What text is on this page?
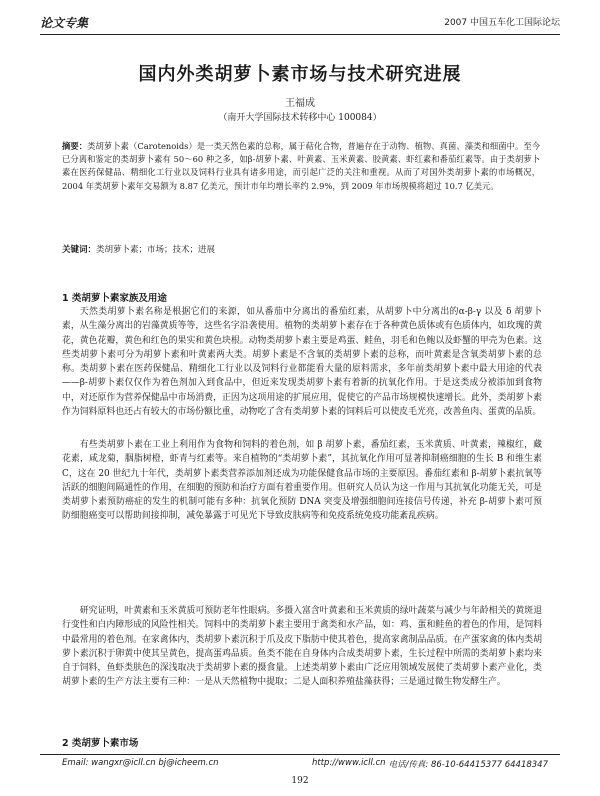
论文专集	2007 中国五车化工国际论坛
国内外类胡萝卜素市场与技术研究进展
王福成
（南开大学国际技术转移中心 100084）
摘要：类胡萝卜素（Carotenoids）是一类天然色素的总称，属于萜化合物，普遍存在于动物、植物、真菌、藻类和细菌中。至今已分离和鉴定的类胡萝卜素有 50～60 种之多，如β-胡萝卜素、叶黄素、玉米黄素、胶黄素、虾红素和番茄红素等。由于类胡萝卜素在医药保健品、精细化工行业以及饲料行业具有诸多用途，而引起广泛的关注和重视。从而了对国外类胡萝卜素的市场概况，2004 年类胡萝卜素年交易额为 8.87 亿美元，预计市年均增长率约 2.9%，到 2009 年市场规模将超过 10.7 亿美元。
关键词：类胡萝卜素；市场；技术；进展
1 类胡萝卜素家族及用途
天然类胡萝卜素名称是根据它们的来源，如从番茄中分离出的番茄红素，从胡萝卜中分离出的α-β-γ 以及 δ 胡萝卜素，从生藻分离出的岩藻黄质等等，这些名字沿袭使用。植物的类胡萝卜素存在于各种黄色质体或有色质体内，如玫瑰的黄花，黄色花瓣，黄色和红色的果实和黄色块根。动物类胡萝卜素主要是鸡蛋、鲑鱼，羽毛和色鲍以及虾蟹的甲壳为色素。这些类胡萝卜素可分为胡萝卜素和叶黄素两大类。胡萝卜素是不含氧的类胡萝卜素的总称，而叶黄素是含氧类胡萝卜素的总称。类胡萝卜素在医药保健品、精细化工行业以及饲料行业都能看大量的原料需求，多年前类胡萝卜素中最大用途的代表——β-胡萝卜素仅仅作为着色剂加入到食品中，但近来发现类胡萝卜素有着新的抗氧化作用。于是这类成分被添加到食物中，对还原作为营养保健品中市场消费，正因为这项用途的扩展应用，促使它的产品市场规模快速增长。此外，类胡萝卜素作为饲料原料也还占有较大的市场份额比重，动物吃了含有类胡萝卜素的饲料后可以使皮毛光亮，改善鱼肉、蛋黄的品质。
有些类胡萝卜素在工业上利用作为食物和饲料的着色剂，如 β 胡萝卜素，番茄红素，玉米黄质、叶黄素，辣椒红，藏花素，咸龙菊，胭脂树橙，虾青与红素等。来自植物的“类胡萝卜素”，其抗氧化作用可显著抑制癌细胞的生长 B 和维生素 C，这在 20 世纪九十年代，类胡萝卜素类营养添加剂还成为功能保健食品市场的主要原因。番茄红素和 β-胡萝卜素抗氧等活跃的细胞间隔通性的作用，在细胞的预防和治疗方面有着重要作用。但研究人员认为这一作用与其抗氧化功能无关，可是类胡萝卜素预防癌症的发生的机制可能有多种：抗氧化预防 DNA 突变及增强细胞间连接信号传递，补充 β-胡萝卜素可预防细胞癌变可以帮助间接抑制，减免暴露于可见光下导致皮肤病等和免疫系统免疫功能紊乱疾病。
研究证明，叶黄素和玉米黄质可预防老年性眼病。多摄入富含叶黄素和玉米黄质的绿叶蔬菜与减少与年龄相关的黄斑退行变性和白内障形成的风险性相关。饲料中的类胡萝卜素主要用于禽类和水产品，如：鸡、蛋和鲑鱼的着色的作用，是饲料中最常用的着色剂。在家禽体内，类胡萝卜素沉积于爪及皮下脂肪中使其着色，提高家禽制品品质。在产蛋家禽的体内类胡萝卜素沉积于卵黄中使其呈黄色，提高蛋鸡品质。鱼类不能在自身体内合成类胡萝卜素，生长过程中所需的类胡萝卜素均来自于饲料，鱼虾类肤色的深浅取决于类胡萝卜素的摄食量。上述类胡萝卜素由广泛应用领域发展使了类胡萝卜素产业化，类胡萝卜素的生产方法主要有三种：一是从天然植物中提取；二是人面积养殖盐藻获得；三是通过微生物发酵生产。
2 类胡萝卜素市场
Email: wangxr@icll.cn bj@icheem.cn	http://www.icll.cn 电话/传真: 86-10-64415377 64418347
192
